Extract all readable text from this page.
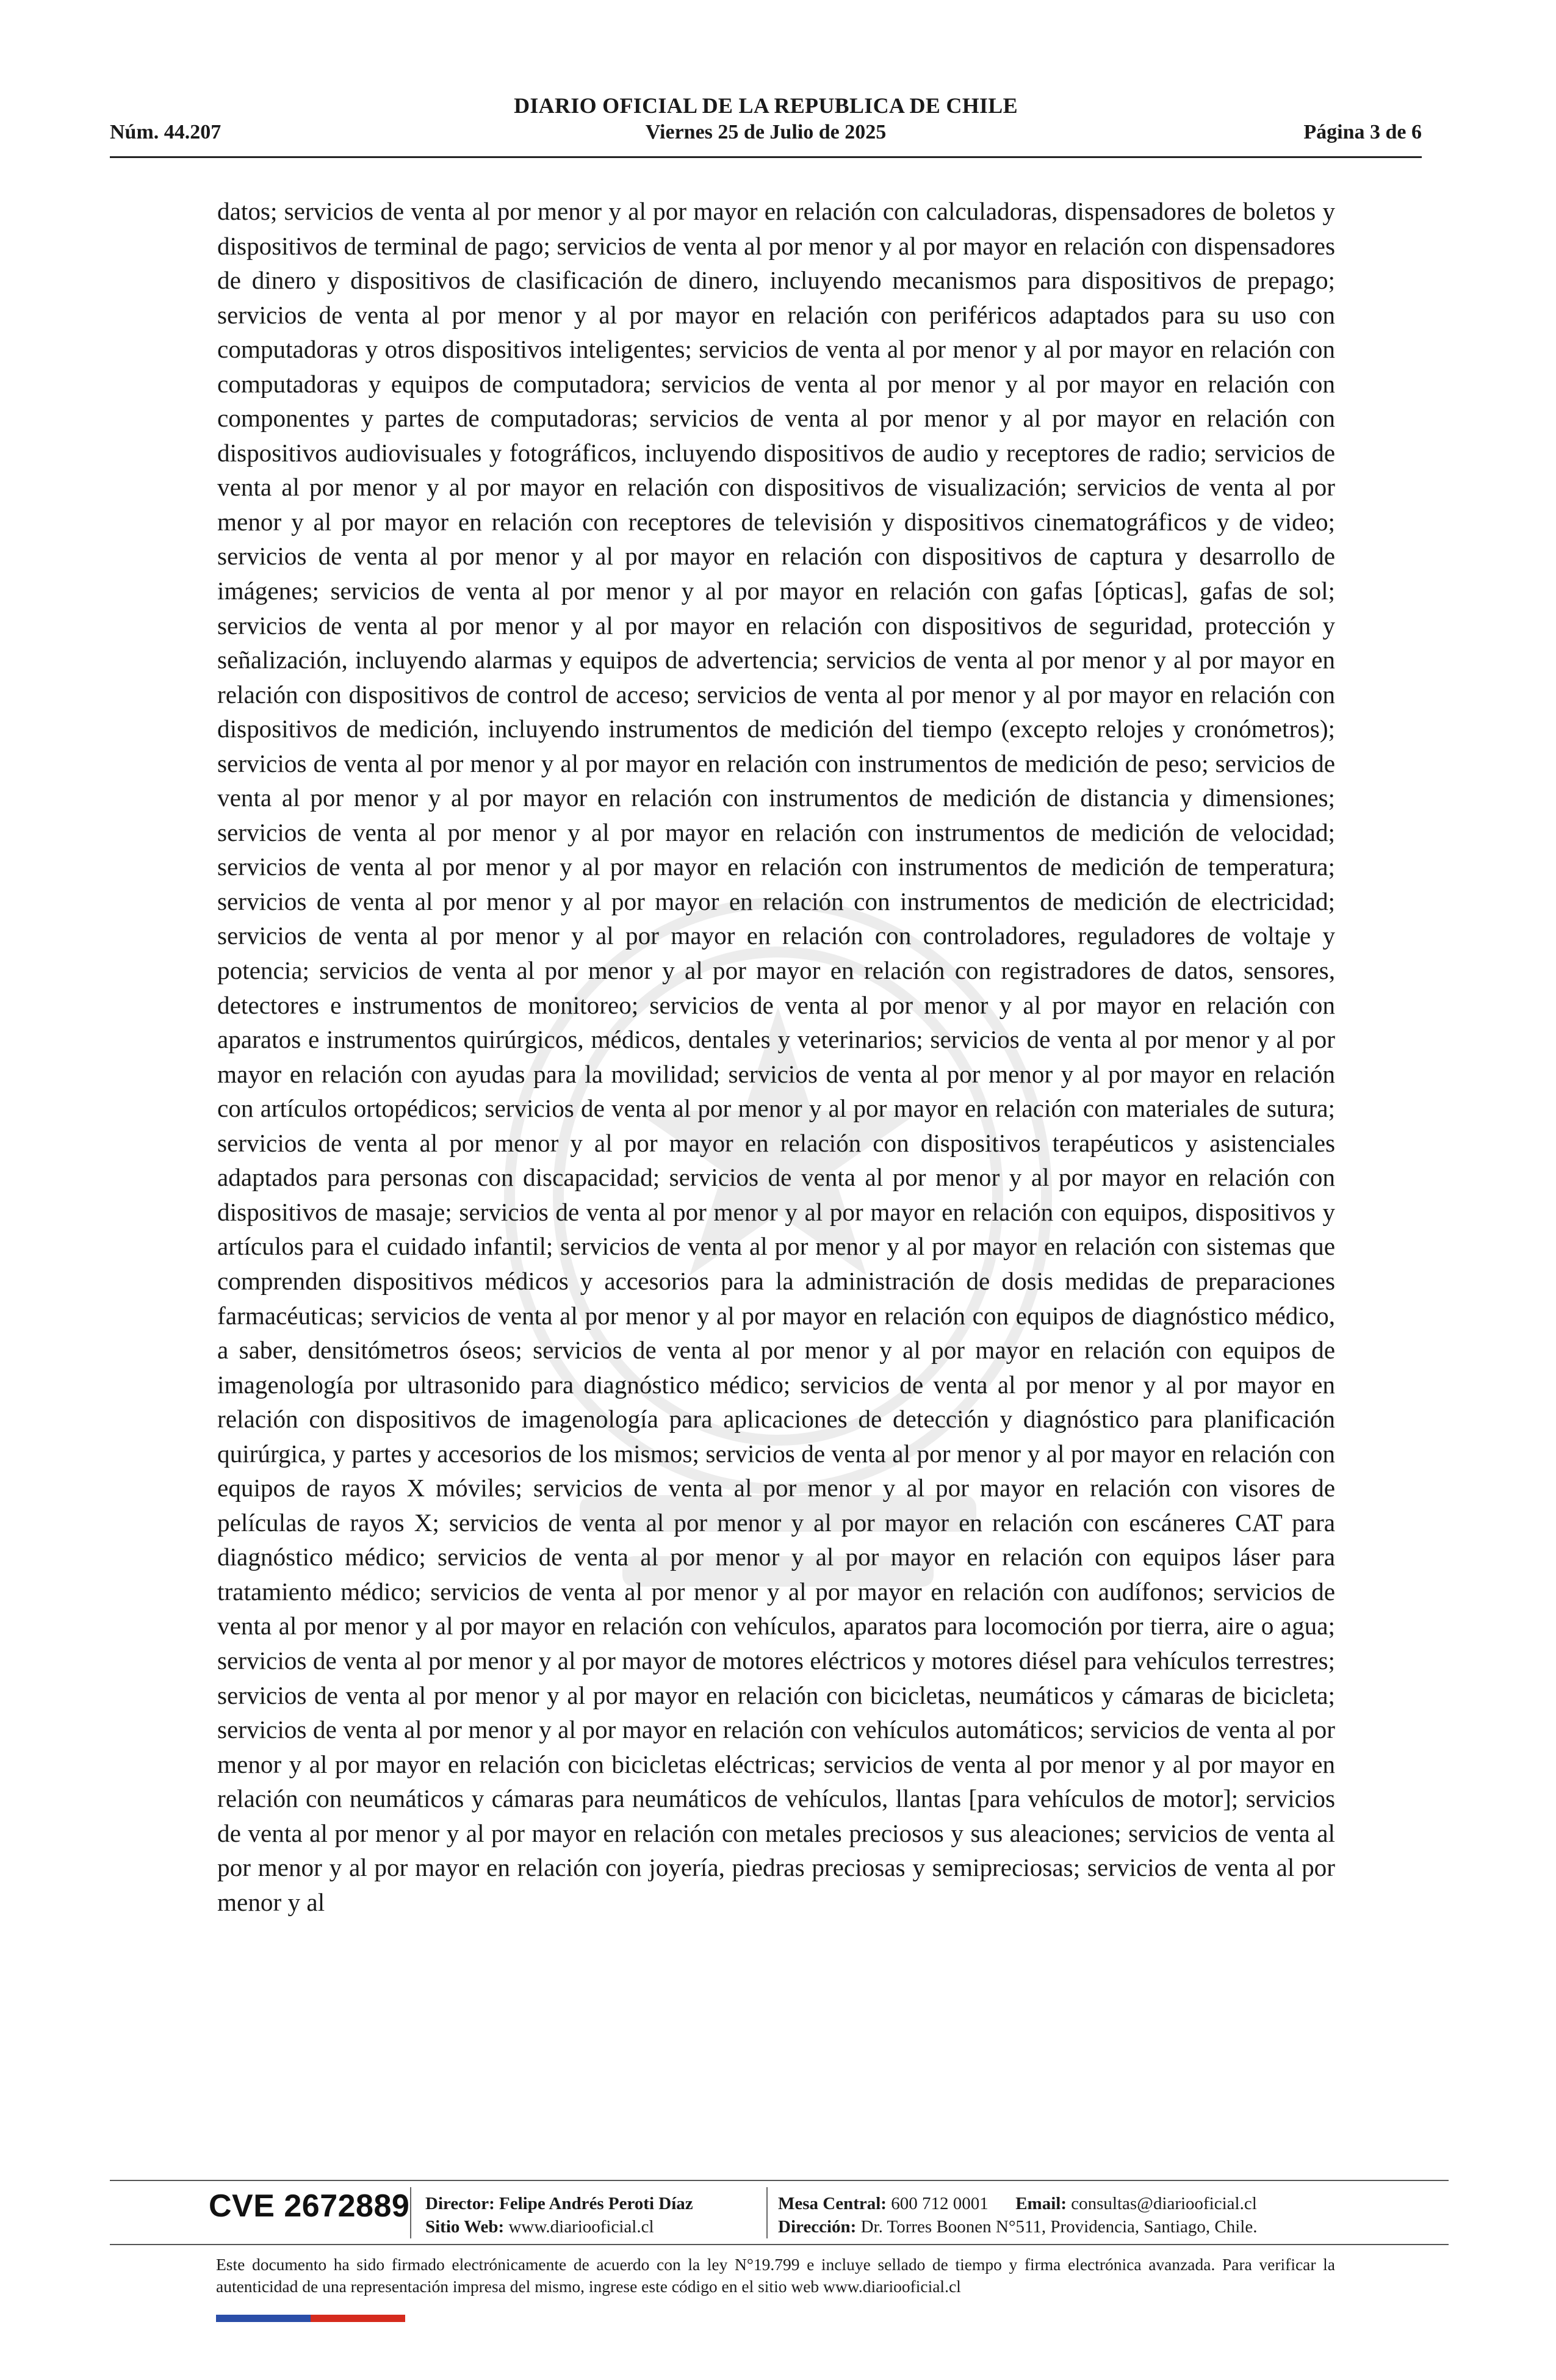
DIARIO OFICIAL DE LA REPUBLICA DE CHILE
Núm. 44.207	Viernes 25 de Julio de 2025	Página 3 de 6
datos; servicios de venta al por menor y al por mayor en relación con calculadoras, dispensadores de boletos y dispositivos de terminal de pago; servicios de venta al por menor y al por mayor en relación con dispensadores de dinero y dispositivos de clasificación de dinero, incluyendo mecanismos para dispositivos de prepago; servicios de venta al por menor y al por mayor en relación con periféricos adaptados para su uso con computadoras y otros dispositivos inteligentes; servicios de venta al por menor y al por mayor en relación con computadoras y equipos de computadora; servicios de venta al por menor y al por mayor en relación con componentes y partes de computadoras; servicios de venta al por menor y al por mayor en relación con dispositivos audiovisuales y fotográficos, incluyendo dispositivos de audio y receptores de radio; servicios de venta al por menor y al por mayor en relación con dispositivos de visualización; servicios de venta al por menor y al por mayor en relación con receptores de televisión y dispositivos cinematográficos y de video; servicios de venta al por menor y al por mayor en relación con dispositivos de captura y desarrollo de imágenes; servicios de venta al por menor y al por mayor en relación con gafas [ópticas], gafas de sol; servicios de venta al por menor y al por mayor en relación con dispositivos de seguridad, protección y señalización, incluyendo alarmas y equipos de advertencia; servicios de venta al por menor y al por mayor en relación con dispositivos de control de acceso; servicios de venta al por menor y al por mayor en relación con dispositivos de medición, incluyendo instrumentos de medición del tiempo (excepto relojes y cronómetros); servicios de venta al por menor y al por mayor en relación con instrumentos de medición de peso; servicios de venta al por menor y al por mayor en relación con instrumentos de medición de distancia y dimensiones; servicios de venta al por menor y al por mayor en relación con instrumentos de medición de velocidad; servicios de venta al por menor y al por mayor en relación con instrumentos de medición de temperatura; servicios de venta al por menor y al por mayor en relación con instrumentos de medición de electricidad; servicios de venta al por menor y al por mayor en relación con controladores, reguladores de voltaje y potencia; servicios de venta al por menor y al por mayor en relación con registradores de datos, sensores, detectores e instrumentos de monitoreo; servicios de venta al por menor y al por mayor en relación con aparatos e instrumentos quirúrgicos, médicos, dentales y veterinarios; servicios de venta al por menor y al por mayor en relación con ayudas para la movilidad; servicios de venta al por menor y al por mayor en relación con artículos ortopédicos; servicios de venta al por menor y al por mayor en relación con materiales de sutura; servicios de venta al por menor y al por mayor en relación con dispositivos terapéuticos y asistenciales adaptados para personas con discapacidad; servicios de venta al por menor y al por mayor en relación con dispositivos de masaje; servicios de venta al por menor y al por mayor en relación con equipos, dispositivos y artículos para el cuidado infantil; servicios de venta al por menor y al por mayor en relación con sistemas que comprenden dispositivos médicos y accesorios para la administración de dosis medidas de preparaciones farmacéuticas; servicios de venta al por menor y al por mayor en relación con equipos de diagnóstico médico, a saber, densitómetros óseos; servicios de venta al por menor y al por mayor en relación con equipos de imagenología por ultrasonido para diagnóstico médico; servicios de venta al por menor y al por mayor en relación con dispositivos de imagenología para aplicaciones de detección y diagnóstico para planificación quirúrgica, y partes y accesorios de los mismos; servicios de venta al por menor y al por mayor en relación con equipos de rayos X móviles; servicios de venta al por menor y al por mayor en relación con visores de películas de rayos X; servicios de venta al por menor y al por mayor en relación con escáneres CAT para diagnóstico médico; servicios de venta al por menor y al por mayor en relación con equipos láser para tratamiento médico; servicios de venta al por menor y al por mayor en relación con audífonos; servicios de venta al por menor y al por mayor en relación con vehículos, aparatos para locomoción por tierra, aire o agua; servicios de venta al por menor y al por mayor de motores eléctricos y motores diésel para vehículos terrestres; servicios de venta al por menor y al por mayor en relación con bicicletas, neumáticos y cámaras de bicicleta; servicios de venta al por menor y al por mayor en relación con vehículos automáticos; servicios de venta al por menor y al por mayor en relación con bicicletas eléctricas; servicios de venta al por menor y al por mayor en relación con neumáticos y cámaras para neumáticos de vehículos, llantas [para vehículos de motor]; servicios de venta al por menor y al por mayor en relación con metales preciosos y sus aleaciones; servicios de venta al por menor y al por mayor en relación con joyería, piedras preciosas y semipreciosas; servicios de venta al por menor y al
CVE 2672889 Director: Felipe Andrés Peroti Díaz
Sitio Web: www.diariooficial.cl
Mesa Central: 600 712 0001 Email: consultas@diariooficial.cl
Dirección: Dr. Torres Boonen N°511, Providencia, Santiago, Chile.
Este documento ha sido firmado electrónicamente de acuerdo con la ley N°19.799 e incluye sellado de tiempo y firma electrónica avanzada. Para verificar la autenticidad de una representación impresa del mismo, ingrese este código en el sitio web www.diariooficial.cl
